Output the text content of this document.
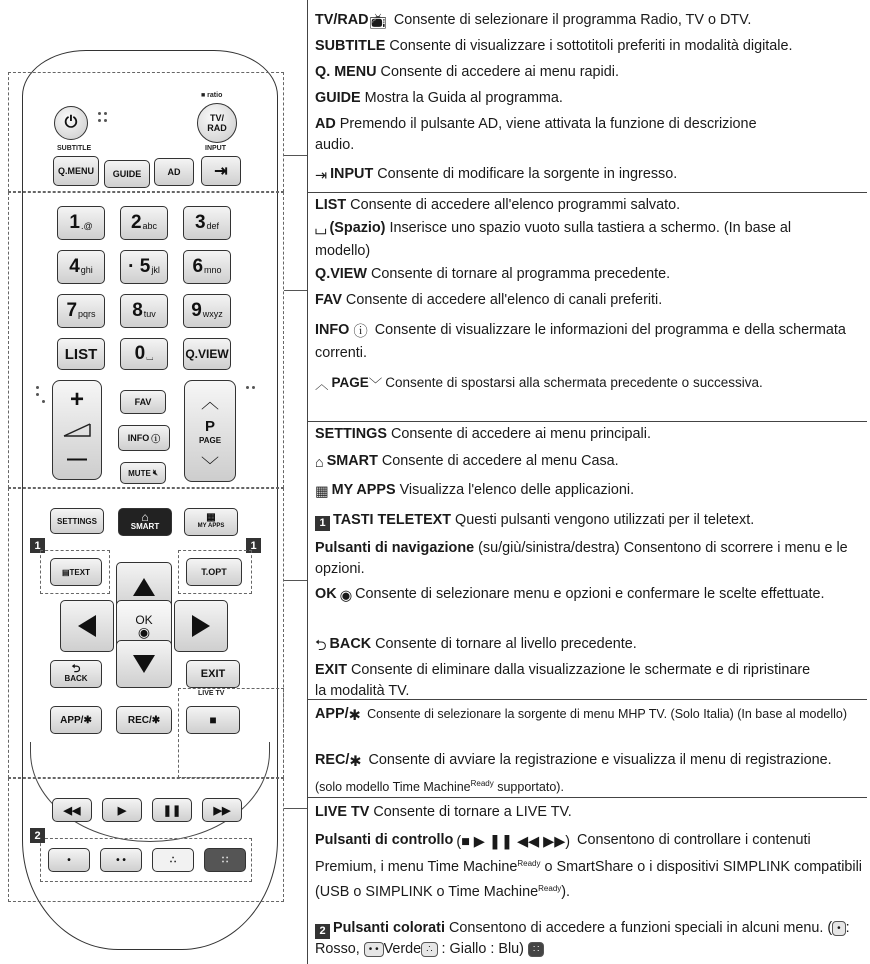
⏻
■ ratio
TV/
RAD
SUBTITLE	INPUT
Q.MENU	GUIDE	AD	⇥
1 .@ 2 abc 3 def
4 ghi · 5 jkl 6 mno
7 pqrs 8 tuv 9 wxyz
LIST	0 ⌴	Q.VIEW
+
—
FAV
INFO ⓘ
MUTE 🔇︎
︿
P
PAGE
﹀
SETTINGS	⌂
SMART
▦
MY APPS
1	1
▤ TEXT	T.OPT
OK
◉
⮌
BACK	EXIT
LIVE TV
APP/ ✱	REC/ ✱	■
◀◀	▶	❚❚	▶▶
2
•	• •	∴	∷
TV/RAD📺︎ Consente di selezionare il programma Radio, TV o DTV.
SUBTITLE Consente di visualizzare i sottotitoli preferiti in modalità digitale.
Q. MENU Consente di accedere ai menu rapidi.
GUIDE Mostra la Guida al programma.
AD Premendo il pulsante AD, viene attivata la funzione di descrizione audio.
⇥ INPUT Consente di modificare la sorgente in ingresso.
LIST Consente di accedere all'elenco programmi salvato.
⌴ (Spazio) Inserisce uno spazio vuoto sulla tastiera a schermo. (In base al modello)
Q.VIEW Consente di tornare al programma precedente.
FAV Consente di accedere all'elenco di canali preferiti.
INFO ⓘ Consente di visualizzare le informazioni del programma e della schermata correnti.
︿ PAGE﹀ Consente di spostarsi alla schermata precedente o successiva.
SETTINGS Consente di accedere ai menu principali.
⌂ SMART Consente di accedere al menu Casa.
▦ MY APPS Visualizza l'elenco delle applicazioni.
1 TASTI TELETEXT Questi pulsanti vengono utilizzati per il teletext.
Pulsanti di navigazione (su/giù/sinistra/destra) Consentono di scorrere i menu e le opzioni.
OK ◉ Consente di selezionare menu e opzioni e confermare le scelte effettuate.
⮌ BACK Consente di tornare al livello precedente.
EXIT Consente di eliminare dalla visualizzazione le schermate e di ripristinare la modalità TV.
APP/✱ Consente di selezionare la sorgente di menu MHP TV. (Solo Italia) (In base al modello)
REC/✱ Consente di avviare la registrazione e visualizza il menu di registrazione. (solo modello Time Machine$^{Ready}$ supportato).
LIVE TV Consente di tornare a LIVE TV.
Pulsanti di controllo (■ ▶ ❚❚ ◀◀ ▶▶) Consentono di controllare i contenuti Premium, i menu Time Machine$^{Ready}$ o SmartShare o i dispositivi SIMPLINK compatibili (USB o SIMPLINK o Time Machine$^{Ready}$).
2 Pulsanti colorati Consentono di accedere a funzioni speciali in alcuni menu. ( • : Rosso, • • Verde ∴ : Giallo : Blu) ∷
